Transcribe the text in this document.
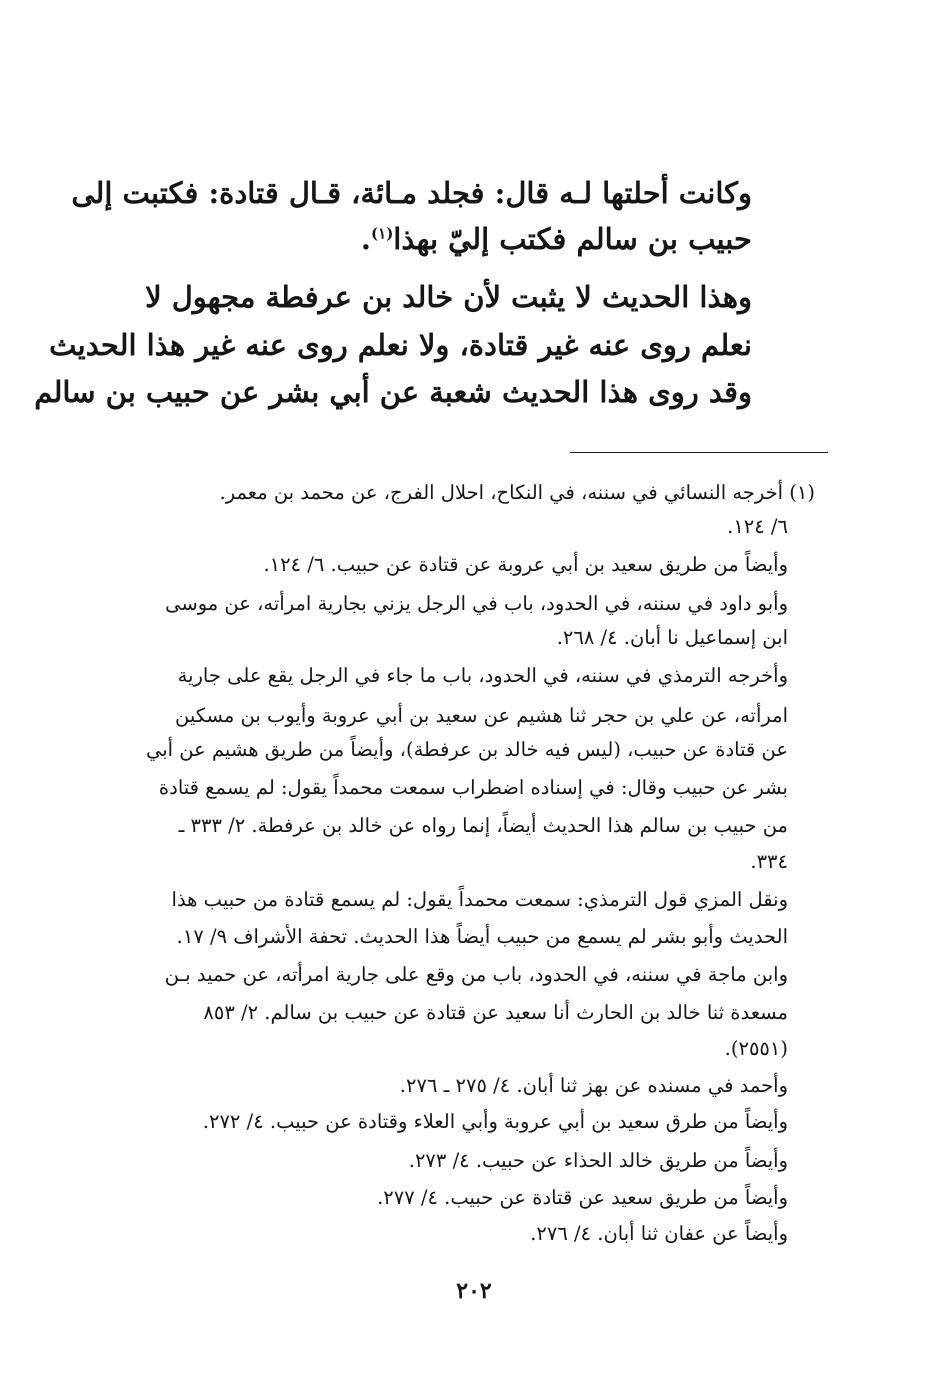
وكانت أحلتها لـه قال: فجلد مـائة، قـال قتادة: فكتبت إلى
حبيب بن سالم فكتب إليّ بهذا$^{(١)}$.
وهذا الحديث لا يثبت لأن خالد بن عرفطة مجهول لا
نعلم روى عنه غير قتادة، ولا نعلم روى عنه غير هذا الحديث
وقد روى هذا الحديث شعبة عن أبي بشر عن حبيب بن سالم
(١) أخرجه النسائي في سننه، في النكاح، احلال الفرج، عن محمد بن معمر.
٦/ ١٢٤.
وأيضاً من طريق سعيد بن أبي عروبة عن قتادة عن حبيب. ٦/ ١٢٤.
وأبو داود في سننه، في الحدود، باب في الرجل يزني بجارية امرأته، عن موسى
ابن إسماعيل نا أبان. ٤/ ٢٦٨.
وأخرجه الترمذي في سننه، في الحدود، باب ما جاء في الرجل يقع على جارية
امرأته، عن علي بن حجر ثنا هشيم عن سعيد بن أبي عروبة وأيوب بن مسكين
عن قتادة عن حبيب، (ليس فيه خالد بن عرفطة)، وأيضاً من طريق هشيم عن أبي
بشر عن حبيب وقال: في إسناده اضطراب سمعت محمداً يقول: لم يسمع قتادة
من حبيب بن سالم هذا الحديث أيضاً، إنما رواه عن خالد بن عرفطة. ٢/ ٣٣٣ ـ
٣٣٤.
ونقل المزي قول الترمذي: سمعت محمداً يقول: لم يسمع قتادة من حبيب هذا
الحديث وأبو بشر لم يسمع من حبيب أيضاً هذا الحديث. تحفة الأشراف ٩/ ١٧.
وابن ماجة في سننه، في الحدود، باب من وقع على جارية امرأته، عن حميد بـن
مسعدة ثنا خالد بن الحارث أنا سعيد عن قتادة عن حبيب بن سالم. ٢/ ٨٥٣
(٢٥٥١).
وأحمد في مسنده عن بهز ثنا أبان. ٤/ ٢٧٥ ـ ٢٧٦.
وأيضاً من طرق سعيد بن أبي عروبة وأبي العلاء وقتادة عن حبيب. ٤/ ٢٧٢.
وأيضاً من طريق خالد الحذاء عن حبيب. ٤/ ٢٧٣.
وأيضاً من طريق سعيد عن قتادة عن حبيب. ٤/ ٢٧٧.
وأيضاً عن عفان ثنا أبان. ٤/ ٢٧٦.
٢٠٢
